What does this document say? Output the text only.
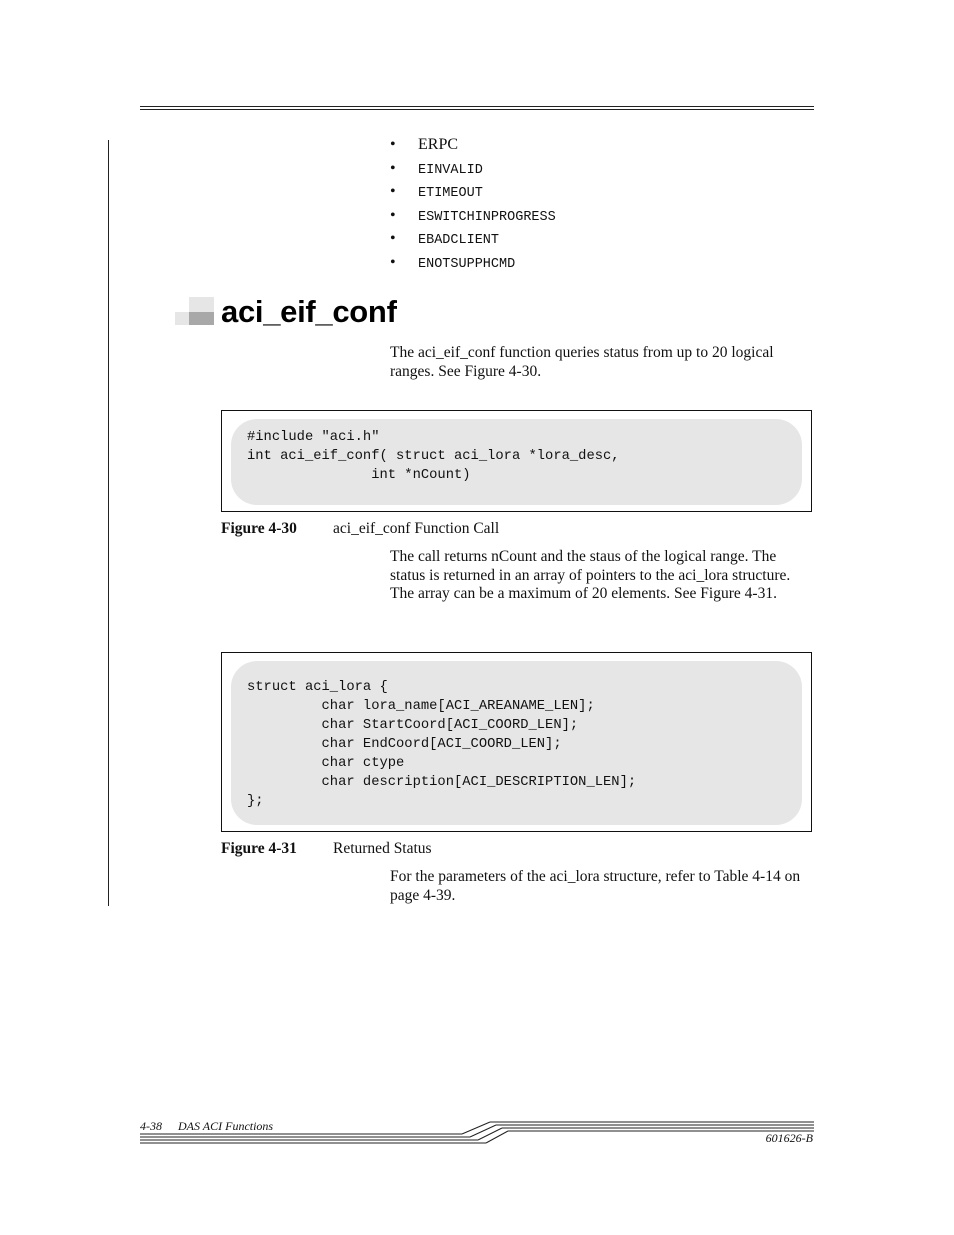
• ERPC
• EINVALID
• ETIMEOUT
• ESWITCHINPROGRESS
• EBADCLIENT
• ENOTSUPPHCMD
aci_eif_conf
The aci_eif_conf function queries status from up to 20 logical ranges. See Figure 4-30.
#include "aci.h"
int aci_eif_conf( struct aci_lora *lora_desc,
int *nCount)
Figure 4-30 aci_eif_conf Function Call
The call returns nCount and the staus of the logical range. The status is returned in an array of pointers to the aci_lora structure. The array can be a maximum of 20 elements. See Figure 4-31.
struct aci_lora {
char lora_name[ACI_AREANAME_LEN];
char StartCoord[ACI_COORD_LEN];
char EndCoord[ACI_COORD_LEN];
char ctype
char description[ACI_DESCRIPTION_LEN];
};
Figure 4-31 Returned Status
For the parameters of the aci_lora structure, refer to Table 4-14 on page 4-39.
4-38 DAS ACI Functions
601626-B
